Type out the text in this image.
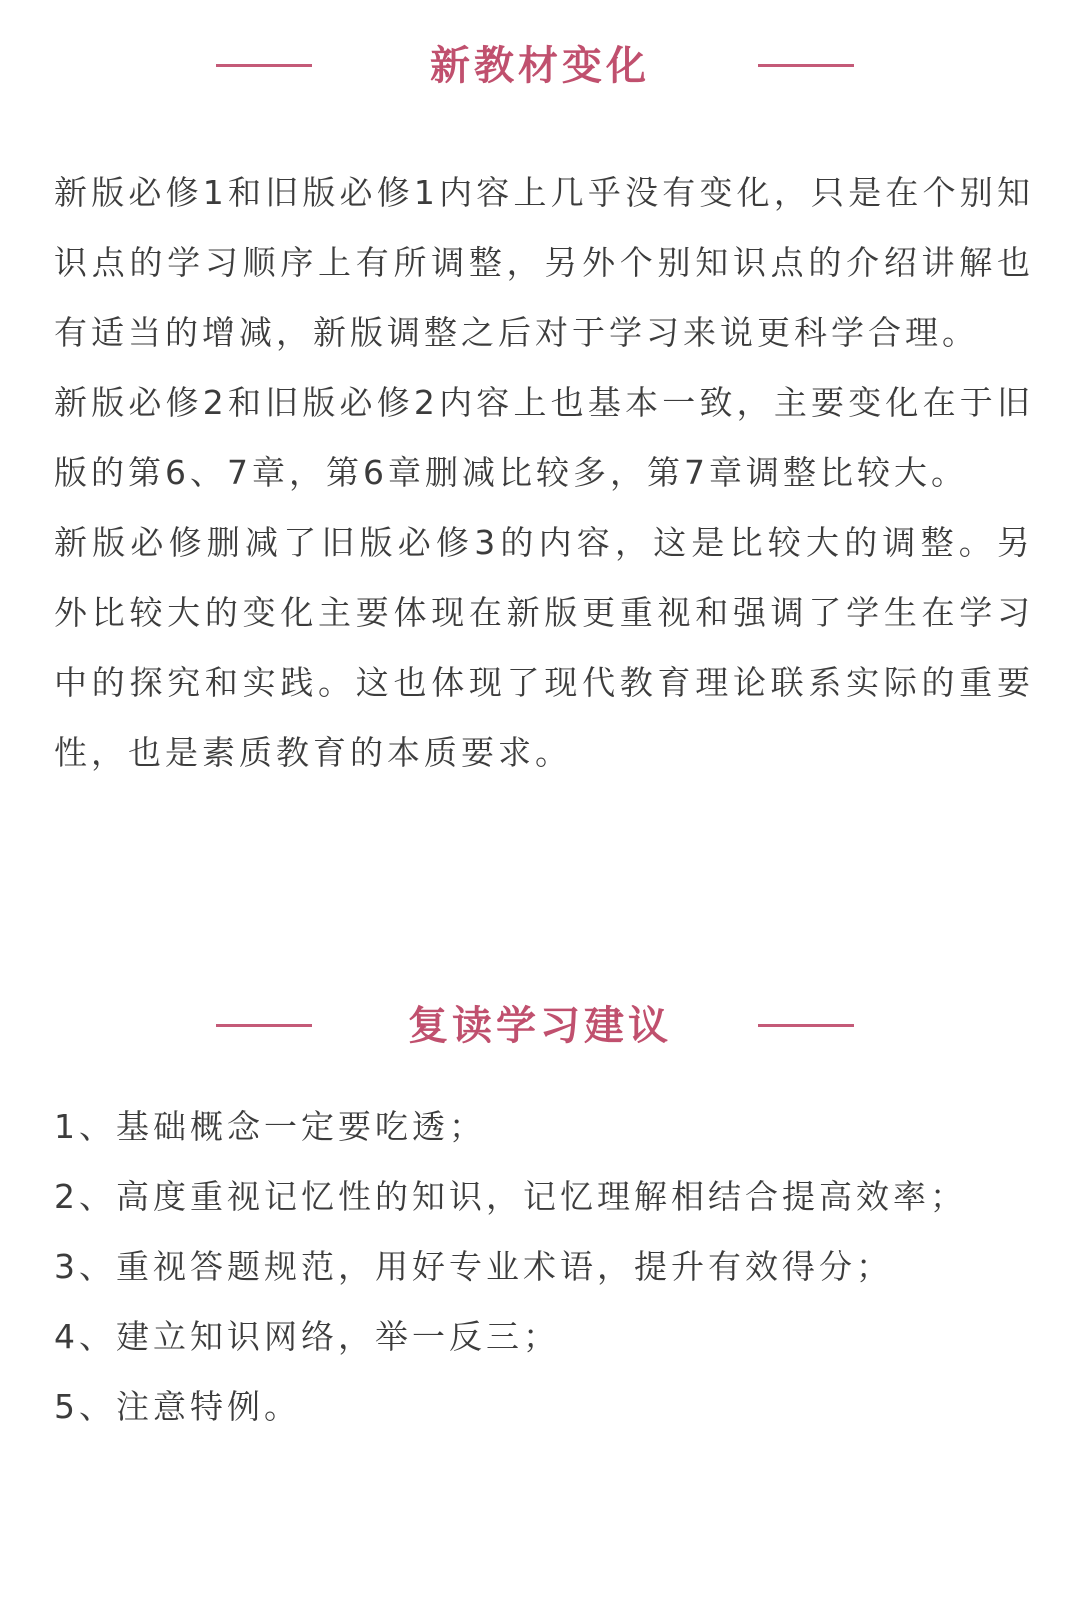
新教材变化

新版必修1和旧版必修1内容上几乎没有变化，只是在个别知识点的学习顺序上有所调整，另外个别知识点的介绍讲解也有适当的增减，新版调整之后对于学习来说更科学合理。

新版必修2和旧版必修2内容上也基本一致，主要变化在于旧版的第6、7章，第6章删减比较多，第7章调整比较大。

新版必修删减了旧版必修3的内容，这是比较大的调整。另外比较大的变化主要体现在新版更重视和强调了学生在学习中的探究和实践。这也体现了现代教育理论联系实际的重要性，也是素质教育的本质要求。

复读学习建议

1、基础概念一定要吃透；

2、高度重视记忆性的知识，记忆理解相结合提高效率；

3、重视答题规范，用好专业术语，提升有效得分；

4、建立知识网络，举一反三；

5、注意特例。
